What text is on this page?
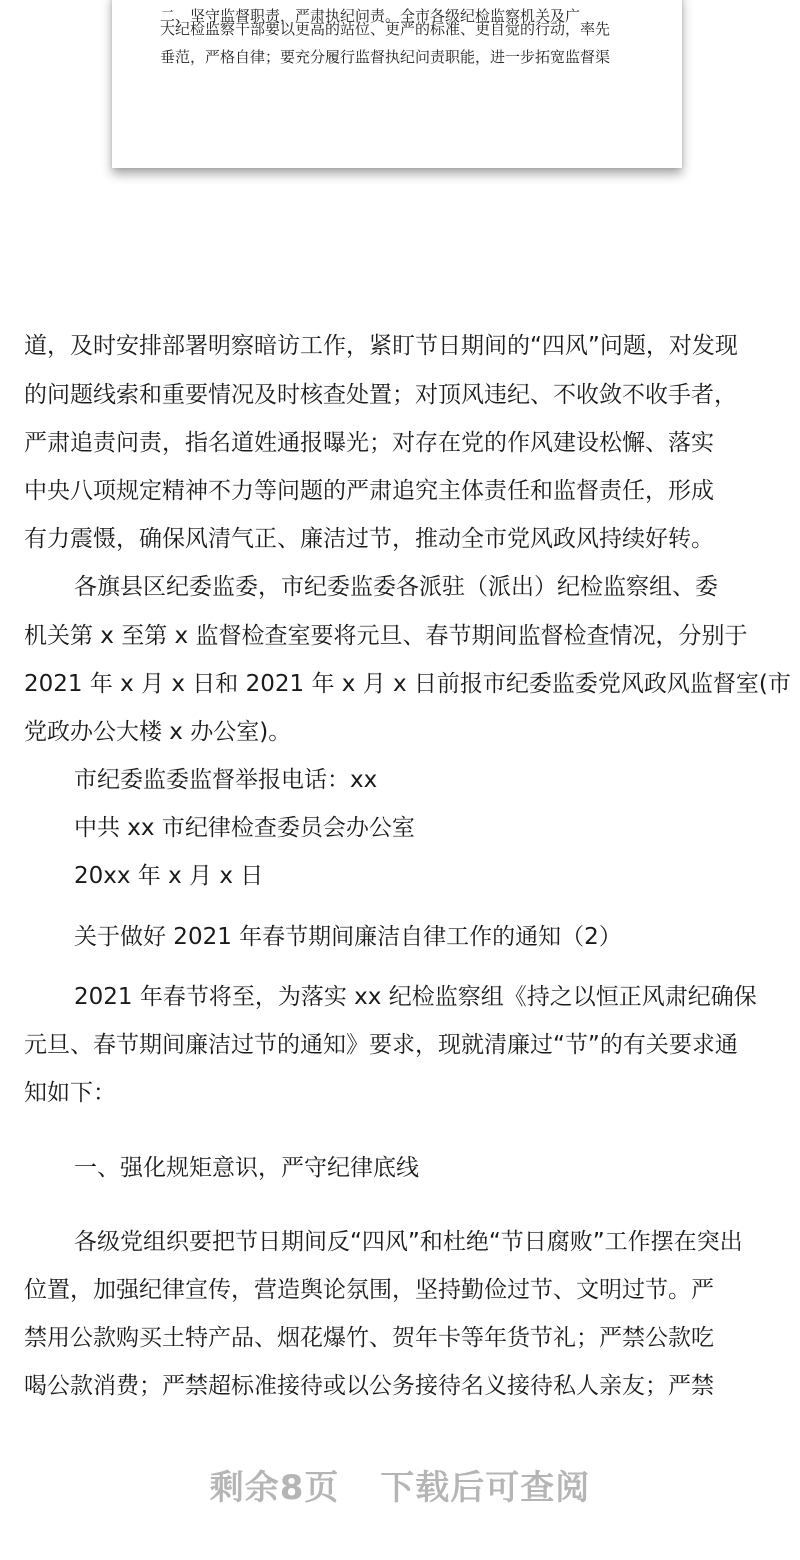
二、坚守监督职责，严肃执纪问责。全市各级纪检监察机关及广
大纪检监察干部要以更高的站位、更严的标准、更自觉的行动，率先
垂范，严格自律；要充分履行监督执纪问责职能，进一步拓宽监督渠
道，及时安排部署明察暗访工作，紧盯节日期间的“四风”问题，对发现
的问题线索和重要情况及时核查处置；对顶风违纪、不收敛不收手者，
严肃追责问责，指名道姓通报曝光；对存在党的作风建设松懈、落实
中央八项规定精神不力等问题的严肃追究主体责任和监督责任，形成
有力震慑，确保风清气正、廉洁过节，推动全市党风政风持续好转。
各旗县区纪委监委，市纪委监委各派驻（派出）纪检监察组、委
机关第 x 至第 x 监督检查室要将元旦、春节期间监督检查情况，分别于
2021 年 x 月 x 日和 2021 年 x 月 x 日前报市纪委监委党风政风监督室(市
党政办公大楼 x 办公室)。
市纪委监委监督举报电话：xx
中共 xx 市纪律检查委员会办公室
20xx 年 x 月 x 日
关于做好 2021 年春节期间廉洁自律工作的通知（2）
2021 年春节将至，为落实 xx 纪检监察组《持之以恒正风肃纪确保
元旦、春节期间廉洁过节的通知》要求，现就清廉过“节”的有关要求通
知如下：
一、强化规矩意识，严守纪律底线
各级党组织要把节日期间反“四风”和杜绝“节日腐败”工作摆在突出
位置，加强纪律宣传，营造舆论氛围，坚持勤俭过节、文明过节。严
禁用公款购买土特产品、烟花爆竹、贺年卡等年货节礼；严禁公款吃
喝公款消费；严禁超标准接待或以公务接待名义接待私人亲友；严禁
剩余8页 下载后可查阅
